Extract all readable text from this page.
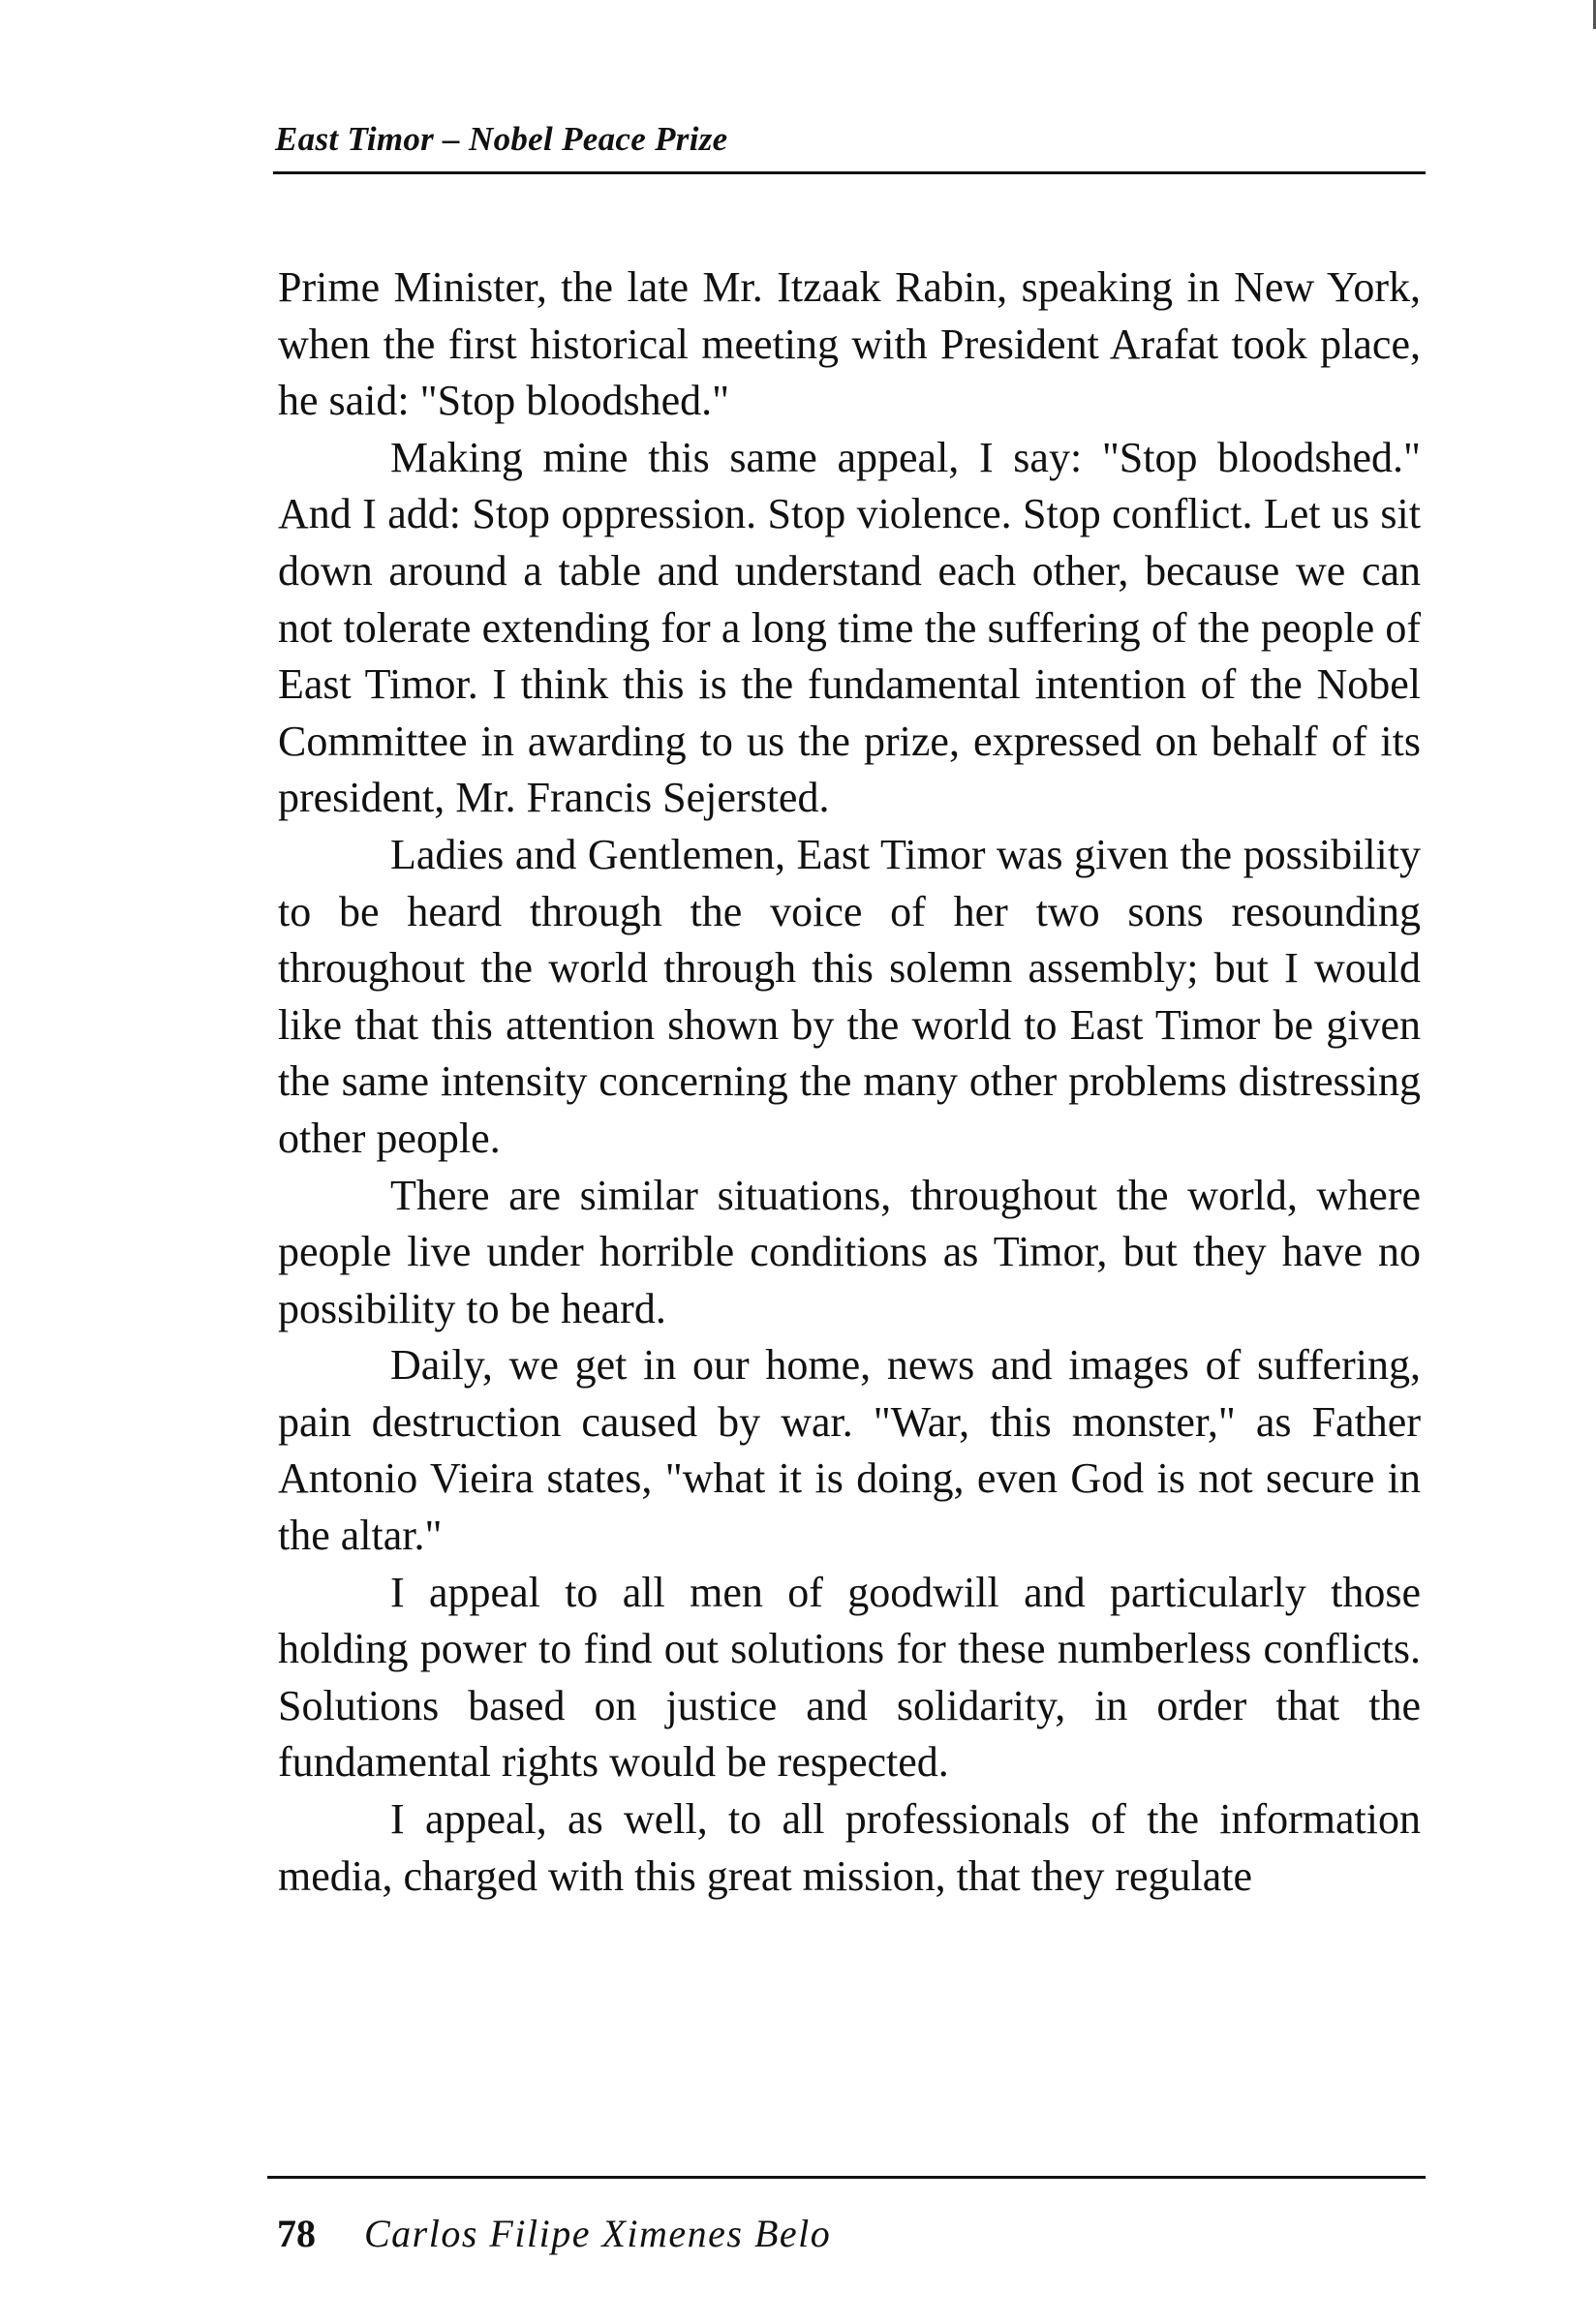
East Timor – Nobel Peace Prize

Prime Minister, the late Mr. Itzaak Rabin, speaking in New York, when the first historical meeting with President Arafat took place, he said: "Stop bloodshed."

Making mine this same appeal, I say: "Stop bloodshed." And I add: Stop oppression. Stop violence. Stop conflict. Let us sit down around a table and understand each other, because we can not tolerate extending for a long time the suffering of the people of East Timor. I think this is the fundamental intention of the Nobel Committee in awarding to us the prize, expressed on behalf of its president, Mr. Francis Sejersted.

Ladies and Gentlemen, East Timor was given the possibility to be heard through the voice of her two sons resounding throughout the world through this solemn assembly; but I would like that this attention shown by the world to East Timor be given the same intensity concerning the many other problems distressing other people.

There are similar situations, throughout the world, where people live under horrible conditions as Timor, but they have no possibility to be heard.

Daily, we get in our home, news and images of suffering, pain destruction caused by war. "War, this monster," as Father Antonio Vieira states, "what it is doing, even God is not secure in the altar."

I appeal to all men of goodwill and particularly those holding power to find out solutions for these numberless conflicts. Solutions based on justice and solidarity, in order that the fundamental rights would be respected.

I appeal, as well, to all professionals of the information media, charged with this great mission, that they regulate

78 Carlos Filipe Ximenes Belo
